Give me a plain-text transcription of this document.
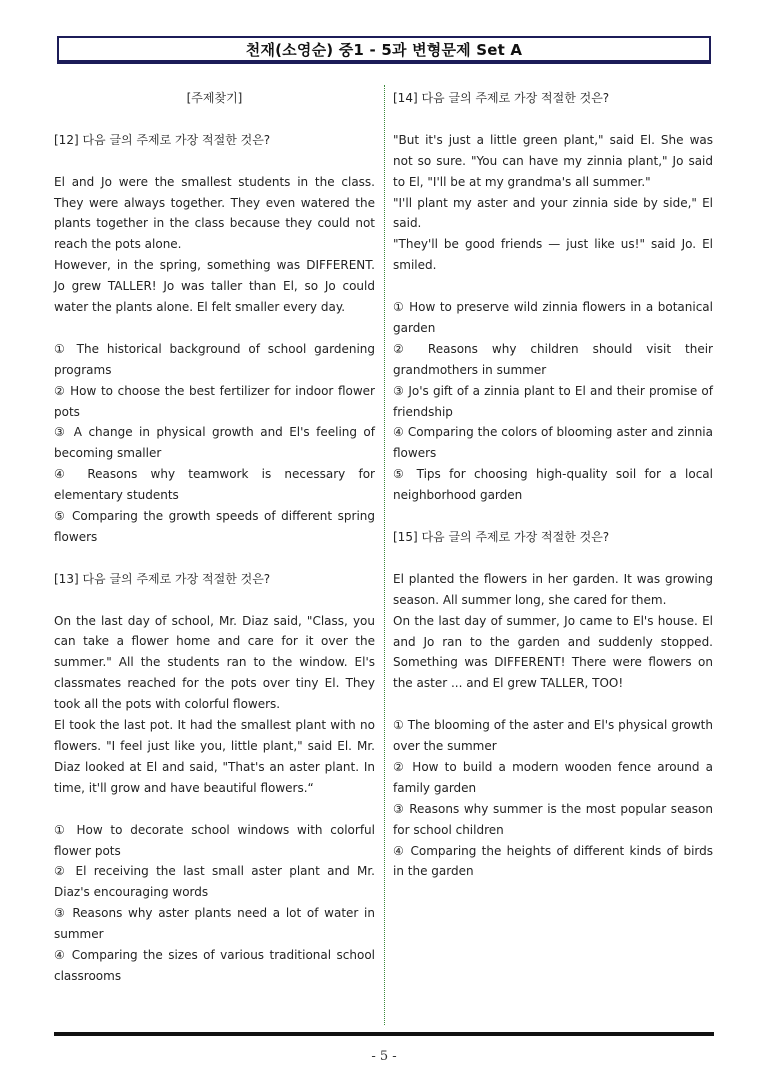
천재(소영순) 중1 - 5과 변형문제 Set A

[주제찾기]

[12] 다음 글의 주제로 가장 적절한 것은?

El and Jo were the smallest students in the class. They were always together. They even watered the plants together in the class because they could not reach the pots alone.

However, in the spring, something was DIFFERENT. Jo grew TALLER! Jo was taller than El, so Jo could water the plants alone. El felt smaller every day.

① The historical background of school gardening programs

② How to choose the best fertilizer for indoor flower pots

③ A change in physical growth and El's feeling of becoming smaller

④ Reasons why teamwork is necessary for elementary students

⑤ Comparing the growth speeds of different spring flowers

[13] 다음 글의 주제로 가장 적절한 것은?

On the last day of school, Mr. Diaz said, "Class, you can take a flower home and care for it over the summer." All the students ran to the window. El's classmates reached for the pots over tiny El. They took all the pots with colorful flowers.

El took the last pot. It had the smallest plant with no flowers. "I feel just like you, little plant," said El. Mr. Diaz looked at El and said, "That's an aster plant. In time, it'll grow and have beautiful flowers.“

① How to decorate school windows with colorful flower pots

② El receiving the last small aster plant and Mr. Diaz's encouraging words

③ Reasons why aster plants need a lot of water in summer

④ Comparing the sizes of various traditional school classrooms

[14] 다음 글의 주제로 가장 적절한 것은?

"But it's just a little green plant," said El. She was not so sure. "You can have my zinnia plant," Jo said to El, "I'll be at my grandma's all summer."

"I'll plant my aster and your zinnia side by side," El said.

"They'll be good friends — just like us!" said Jo. El smiled.

① How to preserve wild zinnia flowers in a botanical garden

② Reasons why children should visit their grandmothers in summer

③ Jo's gift of a zinnia plant to El and their promise of friendship

④ Comparing the colors of blooming aster and zinnia flowers

⑤ Tips for choosing high-quality soil for a local neighborhood garden

[15] 다음 글의 주제로 가장 적절한 것은?

El planted the flowers in her garden. It was growing season. All summer long, she cared for them.

On the last day of summer, Jo came to El's house. El and Jo ran to the garden and suddenly stopped. Something was DIFFERENT! There were flowers on the aster ... and El grew TALLER, TOO!

① The blooming of the aster and El's physical growth over the summer

② How to build a modern wooden fence around a family garden

③ Reasons why summer is the most popular season for school children

④ Comparing the heights of different kinds of birds in the garden

- 5 -
